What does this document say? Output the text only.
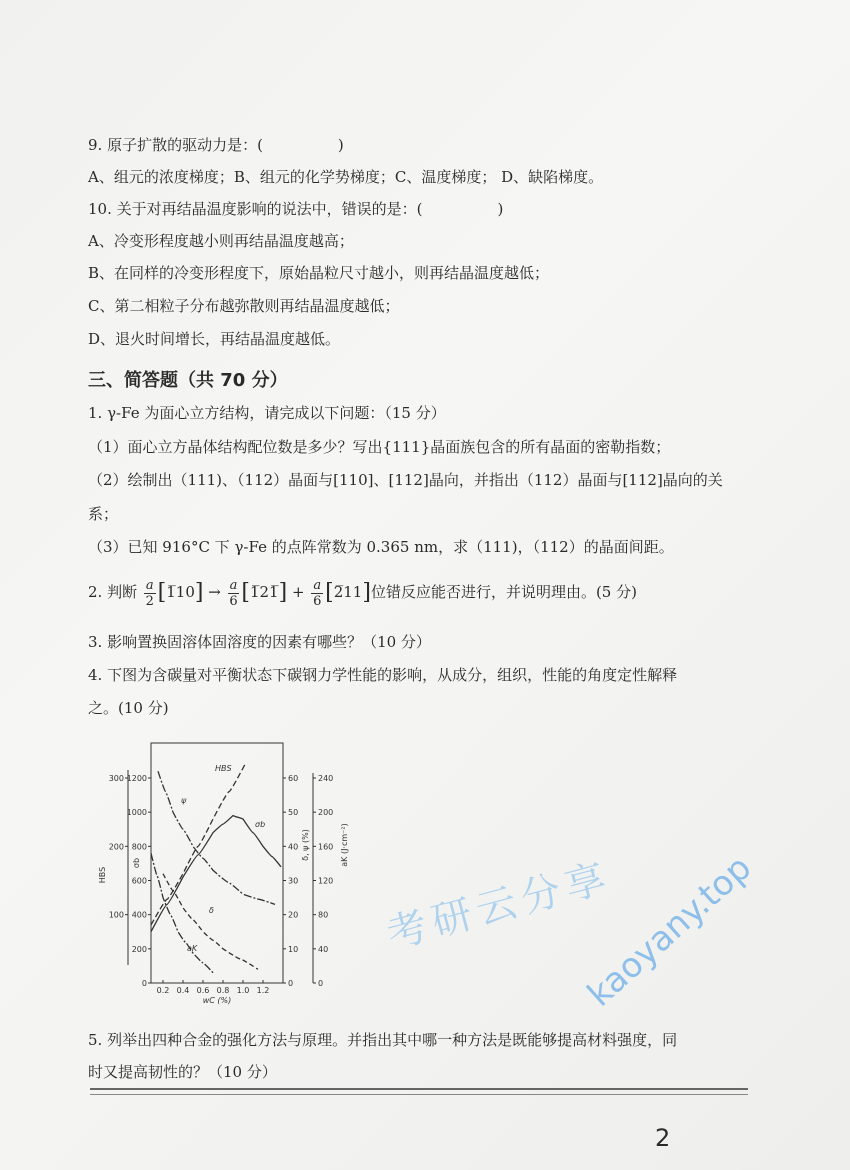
9. 原子扩散的驱动力是：(　　　　　)
A、组元的浓度梯度；B、组元的化学势梯度；C、温度梯度； D、缺陷梯度。
10. 关于对再结晶温度影响的说法中，错误的是：(　　　　　)
A、冷变形程度越小则再结晶温度越高；
B、在同样的冷变形程度下，原始晶粒尺寸越小，则再结晶温度越低；
C、第二相粒子分布越弥散则再结晶温度越低；
D、退火时间增长，再结晶温度越低。
三、简答题（共 70 分）
1. γ-Fe 为面心立方结构，请完成以下问题：（15 分）
（1）面心立方晶体结构配位数是多少？写出{111}晶面族包含的所有晶面的密勒指数；
（2）绘制出（111)、（112）晶面与[110]、[112]晶向，并指出（112）晶面与[112]晶向的关
系；
（3）已知 916°C 下 γ-Fe 的点阵常数为 0.365 nm，求（111)，（112）的晶面间距。
2. 判断 $\frac{a}{2}$ [1̅10] → $\frac{a}{6}$ [1̅21̅] + $\frac{a}{6}$ [2̅11]位错反应能否进行，并说明理由。(5 分)
3. 影响置换固溶体固溶度的因素有哪些？（10 分）
4. 下图为含碳量对平衡状态下碳钢力学性能的影响，从成分，组织，性能的角度定性解释
之。(10 分)
100
200
300
HBS
0
200
400
600
800
1000
1200
σb
0
10
20
30
40
50
60
δ, ψ (%)
0
40
80
120
160
200
240
aK (J·cm⁻²)
0.2 0.4 0.6 0.8 1.0 1.2
wC (%)
HBS
σb
ψ
δ
aK
5. 列举出四种合金的强化方法与原理。并指出其中哪一种方法是既能够提高材料强度，同
时又提高韧性的？（10 分）
2
考研云分享
kaoyany.top
